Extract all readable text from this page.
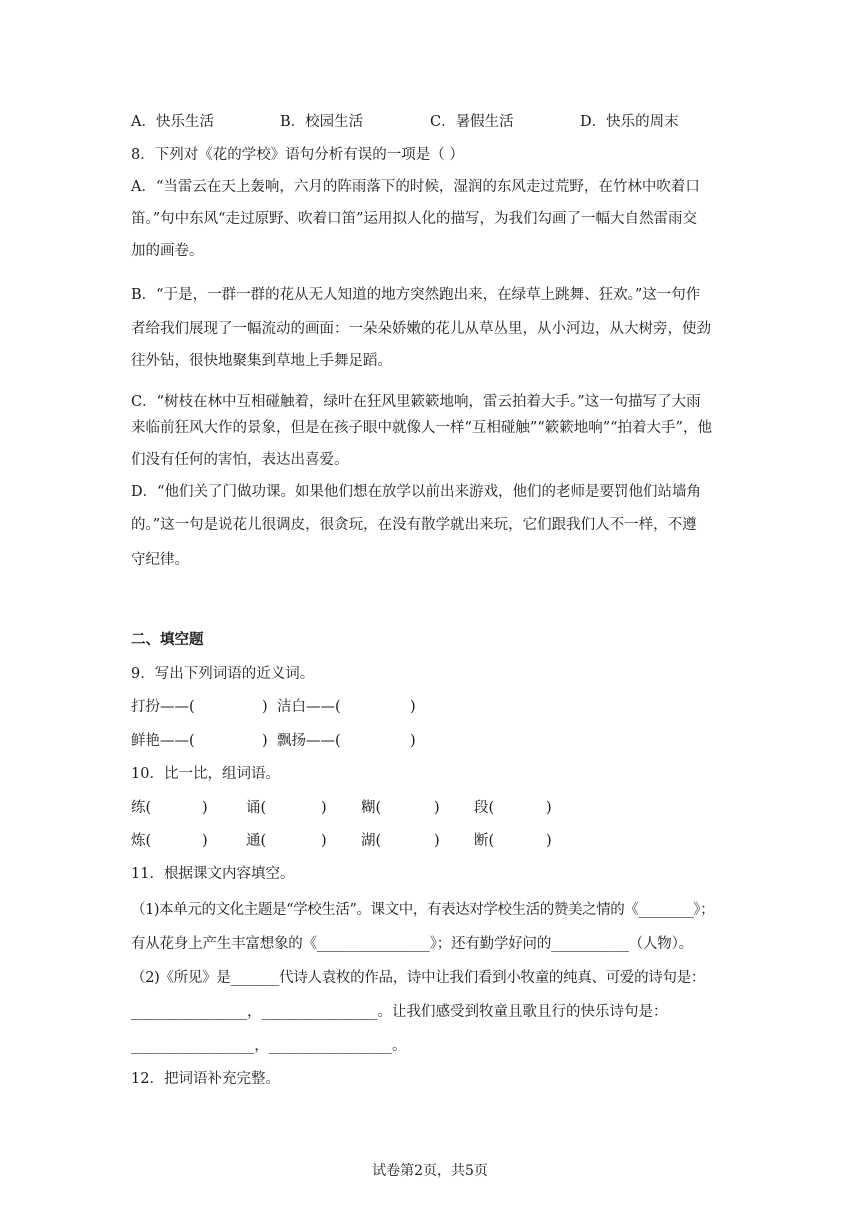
A．快乐生活	B．校园生活	C．暑假生活	D．快乐的周末
8．下列对《花的学校》语句分析有误的一项是（ ）
A．“当雷云在天上轰响，六月的阵雨落下的时候，湿润的东风走过荒野，在竹林中吹着口
笛。”句中东风“走过原野、吹着口笛”运用拟人化的描写，为我们勾画了一幅大自然雷雨交
加的画卷。
B．“于是，一群一群的花从无人知道的地方突然跑出来，在绿草上跳舞、狂欢。”这一句作
者给我们展现了一幅流动的画面：一朵朵娇嫩的花儿从草丛里，从小河边，从大树旁，使劲
往外钻，很快地聚集到草地上手舞足蹈。
C．“树枝在林中互相碰触着，绿叶在狂风里簌簌地响，雷云拍着大手。”这一句描写了大雨
来临前狂风大作的景象，但是在孩子眼中就像人一样“互相碰触”“簌簌地响”“拍着大手”，他
们没有任何的害怕，表达出喜爱。
D．“他们关了门做功课。如果他们想在放学以前出来游戏，他们的老师是要罚他们站墙角
的。”这一句是说花儿很调皮，很贪玩，在没有散学就出来玩，它们跟我们人不一样，不遵
守纪律。
二、填空题
9．写出下列词语的近义词。
打扮——(	) 洁白——(	)
鲜艳——(	) 飘扬——(	)
10．比一比，组词语。
练(	)	诵(	) 糊(	) 段(	)
炼(	)	通(	) 湖(	) 断(	)
11．根据课文内容填空。
（1)本单元的文化主题是“学校生活”。课文中，有表达对学校生活的赞美之情的《________》；
有从花身上产生丰富想象的《________________》；还有勤学好问的___________（人物）。
（2)《所见》是_______代诗人袁枚的作品，诗中让我们看到小牧童的纯真、可爱的诗句是：
________________，________________。让我们感受到牧童且歌且行的快乐诗句是：
_________________，_________________。
12．把词语补充完整。
试卷第2页，共5页
